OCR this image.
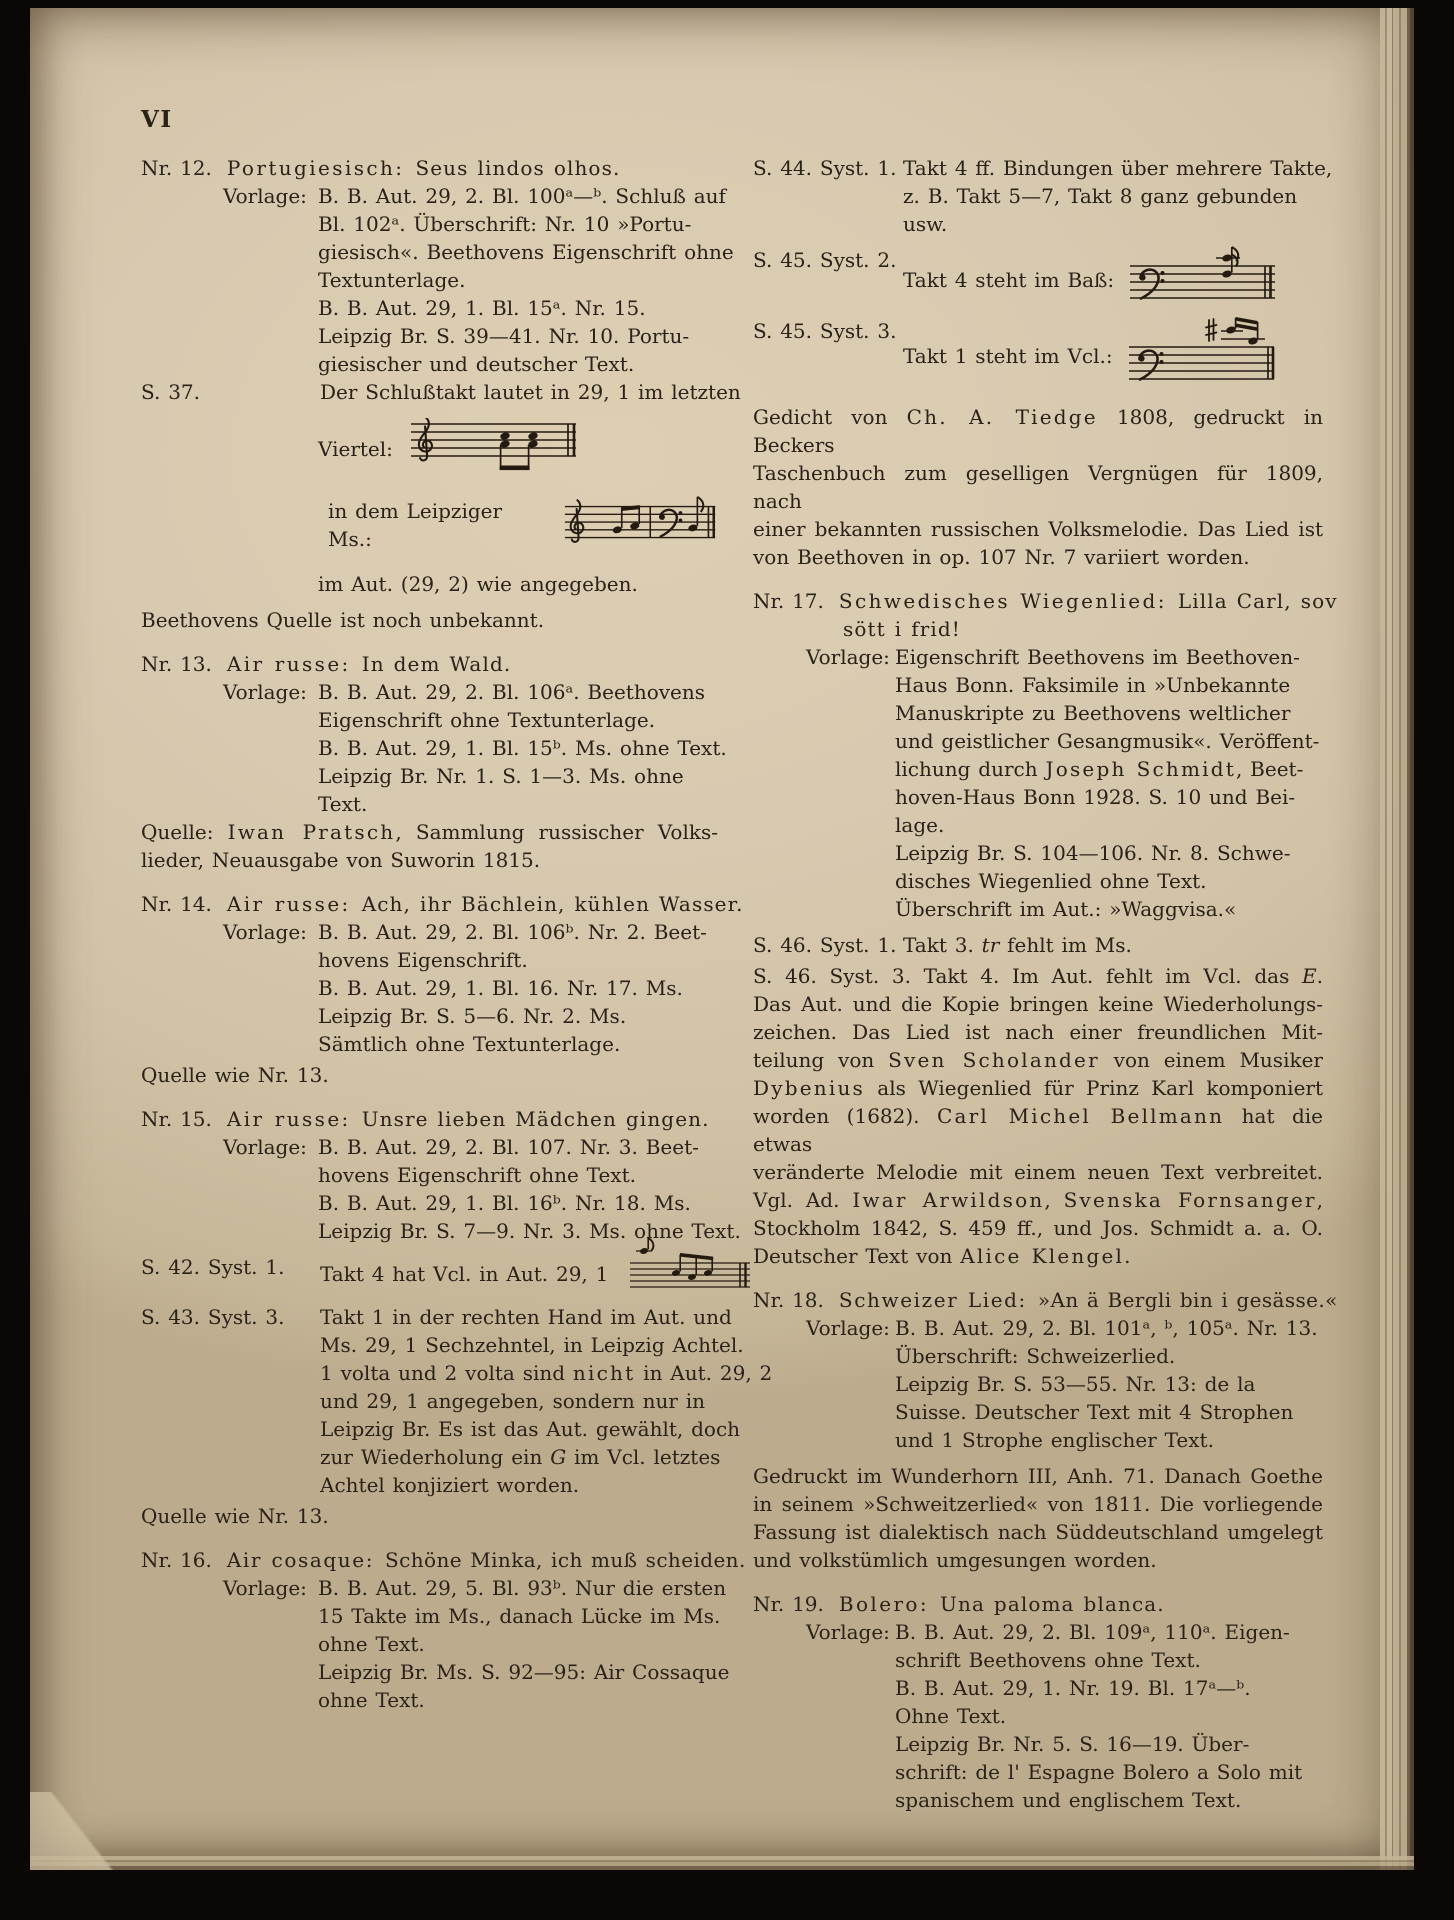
VI
Nr. 12. Portugiesisch: Seus lindos olhos.
Vorlage: B. B. Aut. 29, 2. Bl. 100ᵃ—ᵇ. Schluß auf
Bl. 102ᵃ. Überschrift: Nr. 10 »Portu-
giesisch«. Beethovens Eigenschrift ohne
Textunterlage.
B. B. Aut. 29, 1. Bl. 15ᵃ. Nr. 15.
Leipzig Br. S. 39—41. Nr. 10. Portu-
giesischer und deutscher Text.
S. 37.	Der Schlußtakt lautet in 29, 1 im letzten
Viertel:
in dem Leipziger Ms.:
im Aut. (29, 2) wie angegeben.
Beethovens Quelle ist noch unbekannt.
Nr. 13. Air russe: In dem Wald.
Vorlage: B. B. Aut. 29, 2. Bl. 106ᵃ. Beethovens
Eigenschrift ohne Textunterlage.
B. B. Aut. 29, 1. Bl. 15ᵇ. Ms. ohne Text.
Leipzig Br. Nr. 1. S. 1—3. Ms. ohne
Text.
Quelle: Iwan Pratsch, Sammlung russischer Volks-
lieder, Neuausgabe von Suworin 1815.
Nr. 14. Air russe: Ach, ihr Bächlein, kühlen Wasser.
Vorlage: B. B. Aut. 29, 2. Bl. 106ᵇ. Nr. 2. Beet-
hovens Eigenschrift.
B. B. Aut. 29, 1. Bl. 16. Nr. 17. Ms.
Leipzig Br. S. 5—6. Nr. 2. Ms.
Sämtlich ohne Textunterlage.
Quelle wie Nr. 13.
Nr. 15. Air russe: Unsre lieben Mädchen gingen.
Vorlage: B. B. Aut. 29, 2. Bl. 107. Nr. 3. Beet-
hovens Eigenschrift ohne Text.
B. B. Aut. 29, 1. Bl. 16ᵇ. Nr. 18. Ms.
Leipzig Br. S. 7—9. Nr. 3. Ms. ohne Text.
S. 42. Syst. 1. Takt 4 hat Vcl. in Aut. 29, 1
S. 43. Syst. 3. Takt 1 in der rechten Hand im Aut. und
Ms. 29, 1 Sechzehntel, in Leipzig Achtel.
1 volta und 2 volta sind nicht in Aut. 29, 2
und 29, 1 angegeben, sondern nur in
Leipzig Br. Es ist das Aut. gewählt, doch
zur Wiederholung ein G im Vcl. letztes
Achtel konjiziert worden.
Quelle wie Nr. 13.
Nr. 16. Air cosaque: Schöne Minka, ich muß scheiden.
Vorlage: B. B. Aut. 29, 5. Bl. 93ᵇ. Nur die ersten
15 Takte im Ms., danach Lücke im Ms.
ohne Text.
Leipzig Br. Ms. S. 92—95: Air Cossaque
ohne Text.
S. 44. Syst. 1. Takt 4 ff. Bindungen über mehrere Takte,
z. B. Takt 5—7, Takt 8 ganz gebunden
usw.
S. 45. Syst. 2.
Takt 4 steht im Baß:
S. 45. Syst. 3.
Takt 1 steht im Vcl.:
Gedicht von Ch. A. Tiedge 1808, gedruckt in Beckers
Taschenbuch zum geselligen Vergnügen für 1809, nach
einer bekannten russischen Volksmelodie. Das Lied ist
von Beethoven in op. 107 Nr. 7 variiert worden.
Nr. 17. Schwedisches Wiegenlied: Lilla Carl, sov
sött i frid!
Vorlage: Eigenschrift Beethovens im Beethoven-
Haus Bonn. Faksimile in »Unbekannte
Manuskripte zu Beethovens weltlicher
und geistlicher Gesangmusik«. Veröffent-
lichung durch Joseph Schmidt, Beet-
hoven-Haus Bonn 1928. S. 10 und Bei-
lage.
Leipzig Br. S. 104—106. Nr. 8. Schwe-
disches Wiegenlied ohne Text.
Überschrift im Aut.: »Waggvisa.«
S. 46. Syst. 1. Takt 3. tr fehlt im Ms.
S. 46. Syst. 3. Takt 4. Im Aut. fehlt im Vcl. das E.
Das Aut. und die Kopie bringen keine Wiederholungs-
zeichen. Das Lied ist nach einer freundlichen Mit-
teilung von Sven Scholander von einem Musiker
Dybenius als Wiegenlied für Prinz Karl komponiert
worden (1682). Carl Michel Bellmann hat die etwas
veränderte Melodie mit einem neuen Text verbreitet.
Vgl. Ad. Iwar Arwildson, Svenska Fornsanger,
Stockholm 1842, S. 459 ff., und Jos. Schmidt a. a. O.
Deutscher Text von Alice Klengel.
Nr. 18. Schweizer Lied: »An ä Bergli bin i gesässe.«
Vorlage: B. B. Aut. 29, 2. Bl. 101ᵃ, ᵇ, 105ᵃ. Nr. 13.
Überschrift: Schweizerlied.
Leipzig Br. S. 53—55. Nr. 13: de la
Suisse. Deutscher Text mit 4 Strophen
und 1 Strophe englischer Text.
Gedruckt im Wunderhorn III, Anh. 71. Danach Goethe
in seinem »Schweitzerlied« von 1811. Die vorliegende
Fassung ist dialektisch nach Süddeutschland umgelegt
und volkstümlich umgesungen worden.
Nr. 19. Bolero: Una paloma blanca.
Vorlage: B. B. Aut. 29, 2. Bl. 109ᵃ, 110ᵃ. Eigen-
schrift Beethovens ohne Text.
B. B. Aut. 29, 1. Nr. 19. Bl. 17ᵃ—ᵇ.
Ohne Text.
Leipzig Br. Nr. 5. S. 16—19. Über-
schrift: de l' Espagne Bolero a Solo mit
spanischem und englischem Text.
